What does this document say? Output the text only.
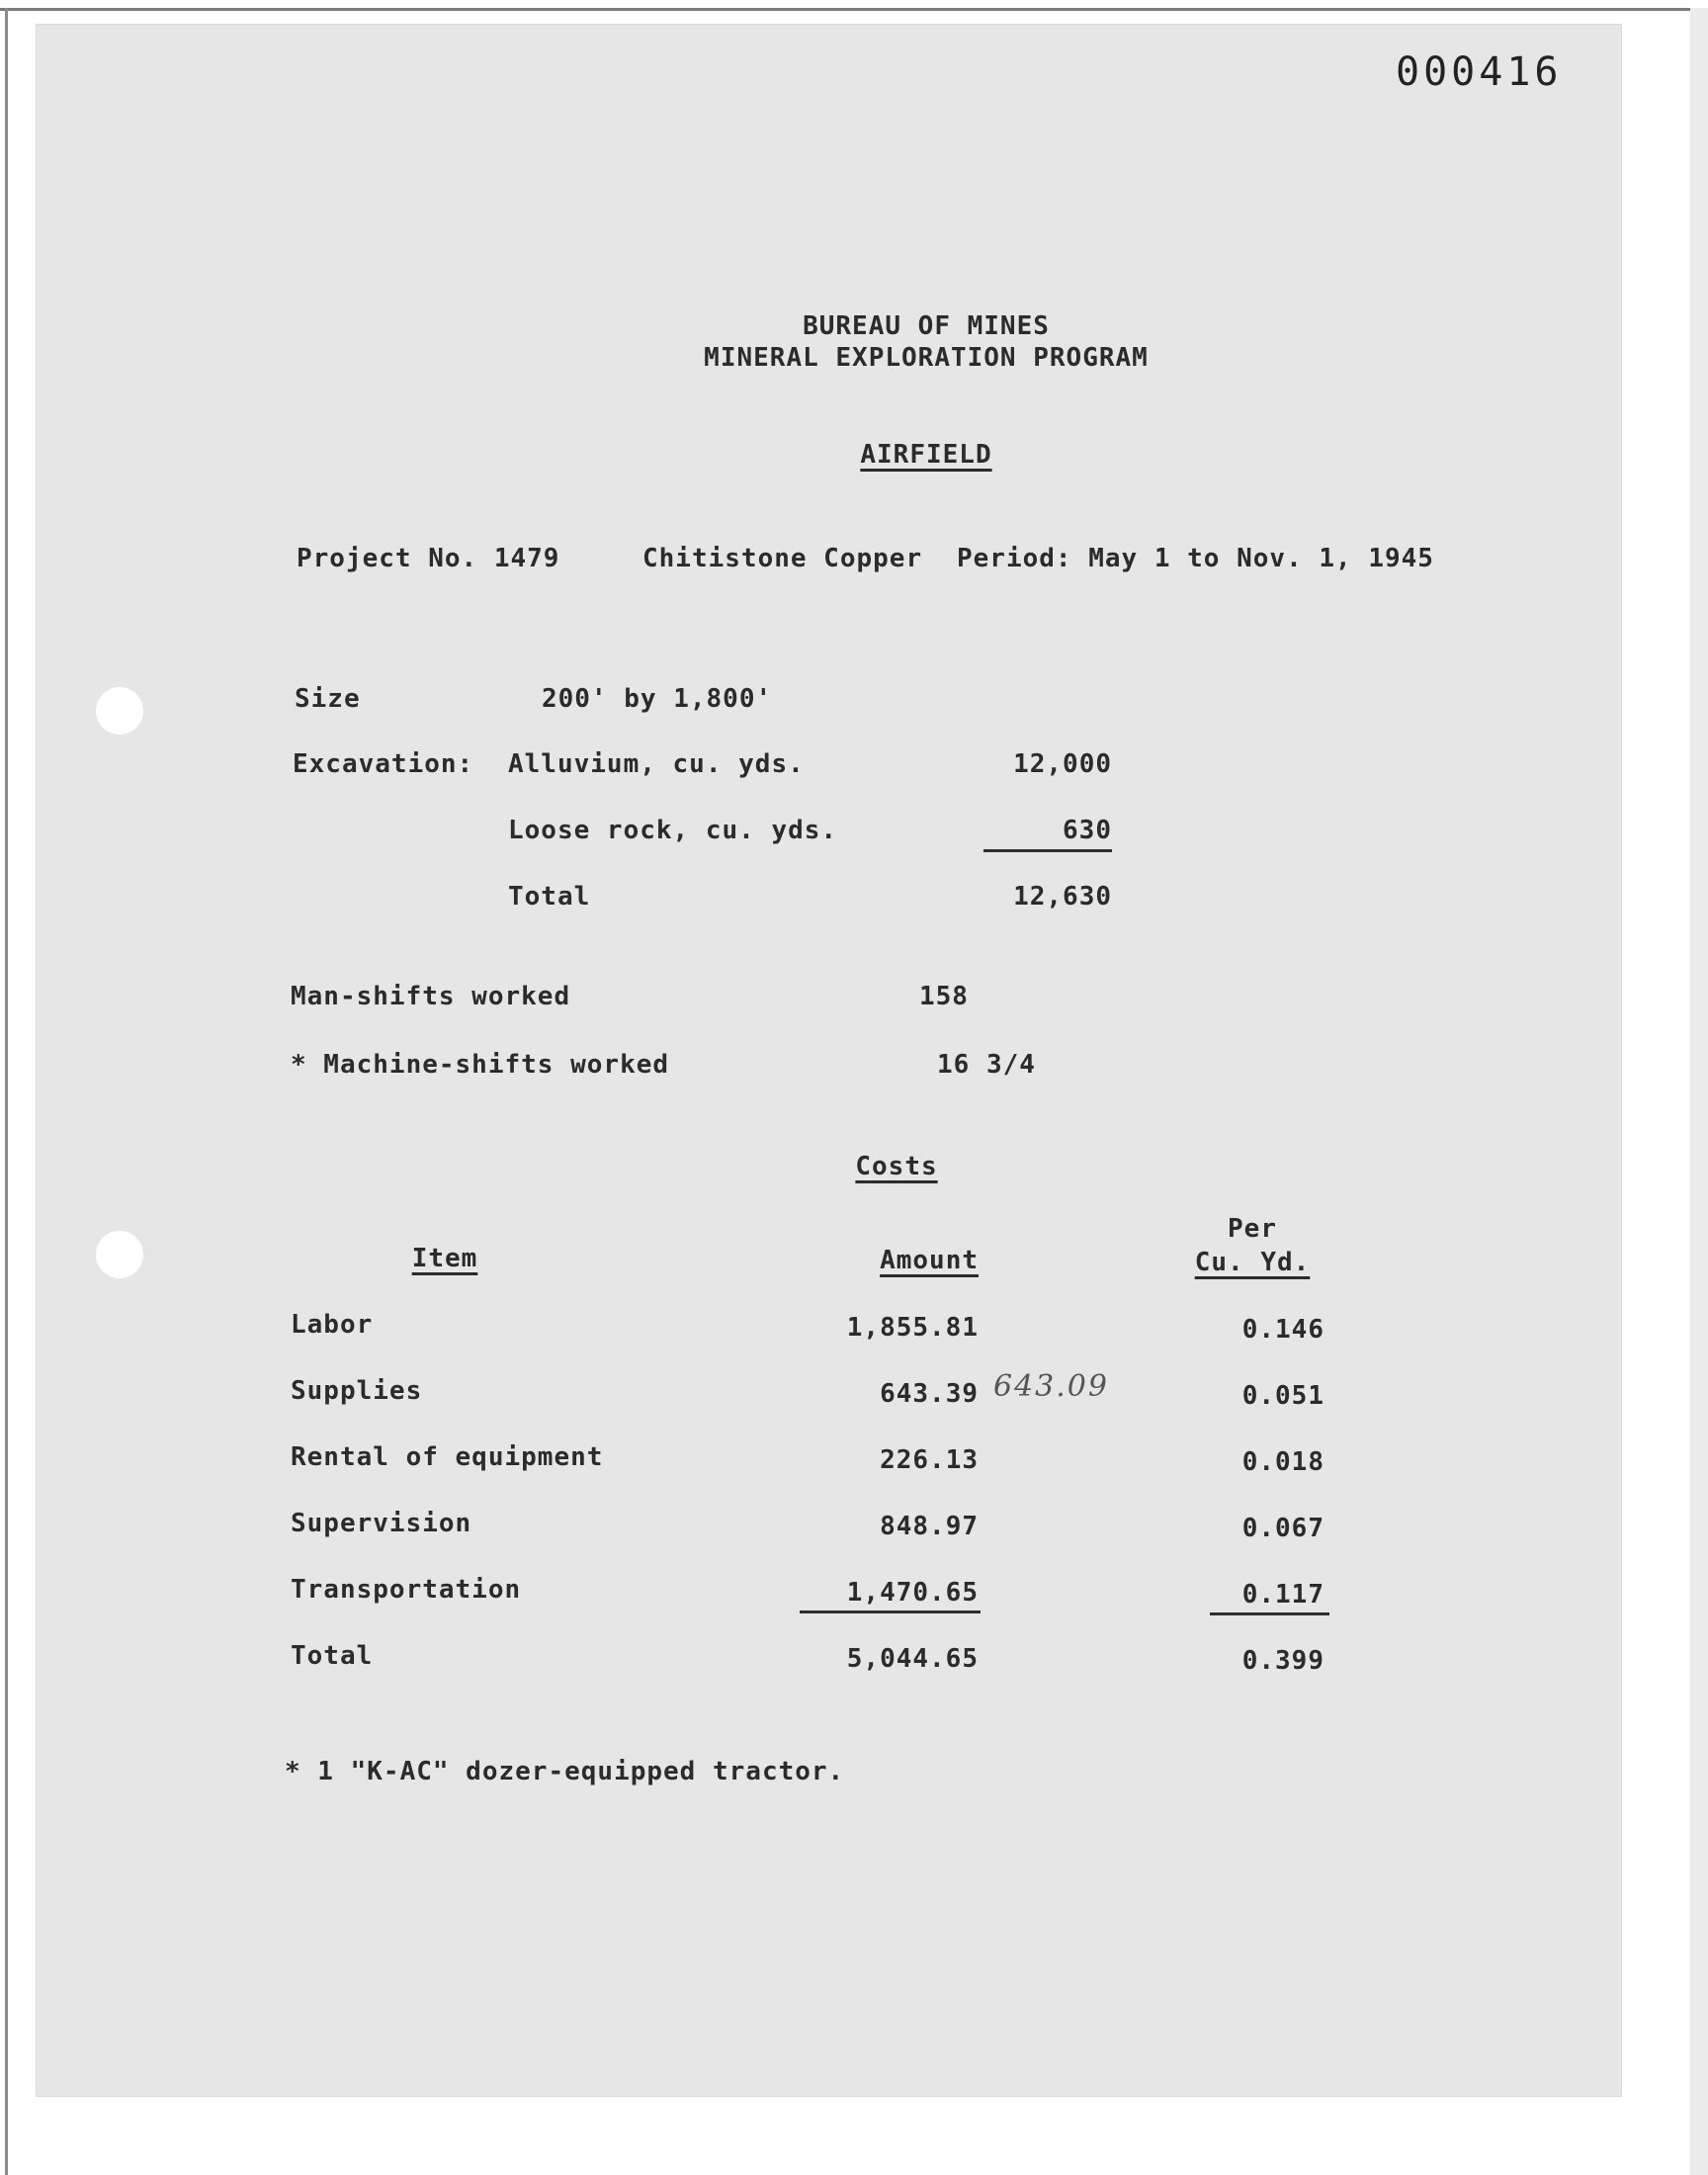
000416
BUREAU OF MINES
MINERAL EXPLORATION PROGRAM
AIRFIELD
Project No. 1479	Chitistone Copper Period: May 1 to Nov. 1, 1945
Size	200' by 1,800'
Excavation: Alluvium, cu. yds.	12,000
Loose rock, cu. yds.	630
Total	12,630
Man-shifts worked	158
* Machine-shifts worked	16 3/4
Costs
Item	Amount
Per
Cu. Yd.
Labor	1,855.81	0.146
Supplies	643.39 643.09	0.051
Rental of equipment	226.13	0.018
Supervision	848.97	0.067
Transportation	1,470.65	0.117
Total	5,044.65	0.399
* 1 "K-AC" dozer-equipped tractor.
